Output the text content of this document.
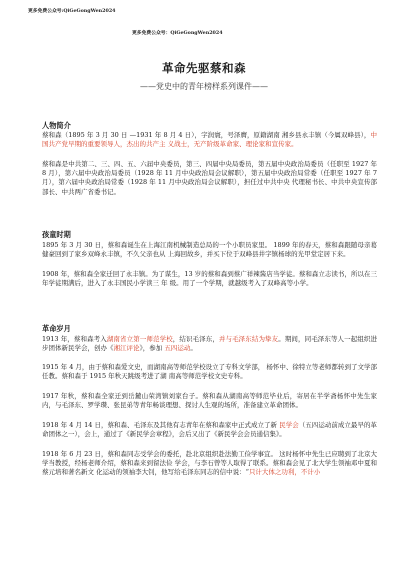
更多免费公众号:QiGeGongWen2024
更多免费公众号：QiGeGongWen2024
革命先驱蔡和森
——党史中的青年榜样系列课件——
人物简介
蔡和森（1895 年 3 月 30 日 —1931 年 8 月 4 日），字润寰，号泽膺，原籍湖南 湘乡县永丰镇（今属双峰县），中国共产党早期的重要领导人，杰出的共产主 义战士，无产阶级革命家、理论家和宣传家。
蔡和森是中共第二、三、四、五、六届中央委员，第三、四届中央局委员，第五届中央政治局委员（任职至 1927 年 8 月），第六届中央政治局委员（1928 年 11 月中央政治局会议解职），第五届中央政治局常委（任职至 1927 年 7 月），第六届中央政治局常委（1928 年 11 月中央政治局会议解职），担任过中共中央 代理秘书长、中共中央宣传部部长、中共两广省委书记。
孩童时期
1895 年 3 月 30 日，蔡和森诞生在上海江南机械制造总局的一个小职员家里。 1899 年的春天，蔡和森跟随母亲葛健豪回到了家乡双峰永丰镇，不久父亲也从 上海回故乡，并买下位于双峰县井字镇杨球的光甲堂定居下来。
1908 年，蔡和森全家迁回了永丰镇。为了谋生，13 岁的蔡和森到蔡广祥辣酱店当学徒。蔡和森立志读书，所以在三年学徒期满后，进入了永丰国民小学读三 年 级。用了一个学期，就越级考入了双峰高等小学。
革命岁月
1913 年，蔡和森考入湖南省立第一师范学校，结识毛泽东，并与毛泽东结为挚友。期间，同毛泽东等人一起组织进步团体新民学会，创办《湘江评论》，参加 五四运动。
1915 年 4 月，由于蔡和森爱文史，而湖南高等师范学校设立了专科文学部， 杨怀中、徐特立等老师都转到了文学部任教。蔡和森于 1915 年秋天跳级考进了湖 南高等师范学校文史专科。
1917 年秋，蔡和森全家迁到岳麓山荣湾镇刘家台子。蔡和森从湖南高等师范毕业后，寄居在半学斋杨怀中先生家内，与毛泽东、罗学瓒、张昆弟等青年畅谈理想、探讨人生观的场所，准备建立革命团体。
1918 年 4 月 14 日，蔡和森、毛泽东及其他有志青年在蔡和森家中正式成立了新 民学会（五四运动前成立最早的革命团体之一），会上，通过了《新民学会章程》，会后又出了《新民学会会员通信集》。
1918 年 6 月 23 日，蔡和森同志受学会的委托，赴北京组织赴法勤工俭学事宜。 这时杨怀中先生已应聘到了北京大学当教授，经杨老师介绍，蔡和森来到留法俭 学会，与李石曾等人取得了联系。蔡和森会见了北大学生领袖邓中夏和蔡元培和著名新文 化运动的领袖李大钊，他写给毛泽东同志的信中说：“只计大体之功利，不计小
